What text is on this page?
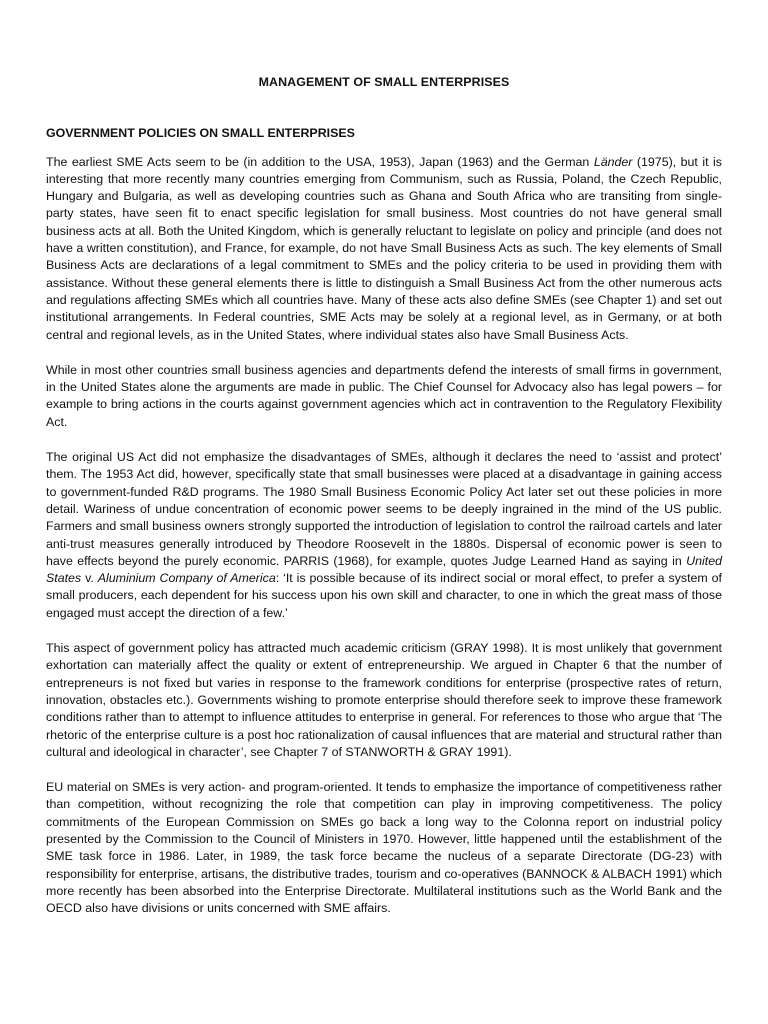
MANAGEMENT OF SMALL ENTERPRISES
GOVERNMENT POLICIES ON SMALL ENTERPRISES

The earliest SME Acts seem to be (in addition to the USA, 1953), Japan (1963) and the German Länder (1975), but it is interesting that more recently many countries emerging from Communism, such as Russia, Poland, the Czech Republic, Hungary and Bulgaria, as well as developing countries such as Ghana and South Africa who are transiting from single-party states, have seen fit to enact specific legislation for small business. Most countries do not have general small business acts at all. Both the United Kingdom, which is generally reluctant to legislate on policy and principle (and does not have a written constitution), and France, for example, do not have Small Business Acts as such. The key elements of Small Business Acts are declarations of a legal commitment to SMEs and the policy criteria to be used in providing them with assistance. Without these general elements there is little to distinguish a Small Business Act from the other numerous acts and regulations affecting SMEs which all countries have. Many of these acts also define SMEs (see Chapter 1) and set out institutional arrangements. In Federal countries, SME Acts may be solely at a regional level, as in Germany, or at both central and regional levels, as in the United States, where individual states also have Small Business Acts.

While in most other countries small business agencies and departments defend the interests of small firms in government, in the United States alone the arguments are made in public. The Chief Counsel for Advocacy also has legal powers – for example to bring actions in the courts against government agencies which act in contravention to the Regulatory Flexibility Act.

The original US Act did not emphasize the disadvantages of SMEs, although it declares the need to ‘assist and protect’ them. The 1953 Act did, however, specifically state that small businesses were placed at a disadvantage in gaining access to government-funded R&D programs. The 1980 Small Business Economic Policy Act later set out these policies in more detail. Wariness of undue concentration of economic power seems to be deeply ingrained in the mind of the US public. Farmers and small business owners strongly supported the introduction of legislation to control the railroad cartels and later anti-trust measures generally introduced by Theodore Roosevelt in the 1880s. Dispersal of economic power is seen to have effects beyond the purely economic. PARRIS (1968), for example, quotes Judge Learned Hand as saying in United States v. Aluminium Company of America: ‘It is possible because of its indirect social or moral effect, to prefer a system of small producers, each dependent for his success upon his own skill and character, to one in which the great mass of those engaged must accept the direction of a few.’

This aspect of government policy has attracted much academic criticism (GRAY 1998). It is most unlikely that government exhortation can materially affect the quality or extent of entrepreneurship. We argued in Chapter 6 that the number of entrepreneurs is not fixed but varies in response to the framework conditions for enterprise (prospective rates of return, innovation, obstacles etc.). Governments wishing to promote enterprise should therefore seek to improve these framework conditions rather than to attempt to influence attitudes to enterprise in general. For references to those who argue that ‘The rhetoric of the enterprise culture is a post hoc rationalization of causal influences that are material and structural rather than cultural and ideological in character’, see Chapter 7 of STANWORTH & GRAY 1991).

EU material on SMEs is very action- and program-oriented. It tends to emphasize the importance of competitiveness rather than competition, without recognizing the role that competition can play in improving competitiveness. The policy commitments of the European Commission on SMEs go back a long way to the Colonna report on industrial policy presented by the Commission to the Council of Ministers in 1970. However, little happened until the establishment of the SME task force in 1986. Later, in 1989, the task force became the nucleus of a separate Directorate (DG-23) with responsibility for enterprise, artisans, the distributive trades, tourism and co-operatives (BANNOCK & ALBACH 1991) which more recently has been absorbed into the Enterprise Directorate. Multilateral institutions such as the World Bank and the OECD also have divisions or units concerned with SME affairs.
